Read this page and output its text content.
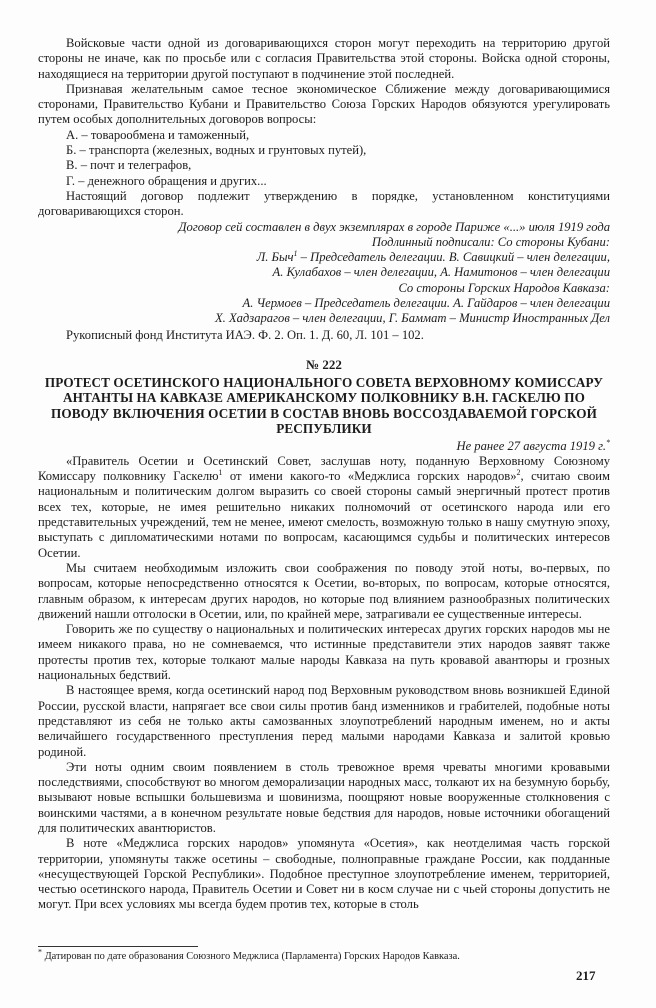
Войсковые части одной из договаривающихся сторон могут переходить на территорию другой стороны не иначе, как по просьбе или с согласия Правительства этой стороны. Войска одной стороны, находящиеся на территории другой поступают в подчинение этой последней.

Признавая желательным самое тесное экономическое Сближение между договаривающимися сторонами, Правительство Кубани и Правительство Союза Горских Народов обязуются урегулировать путем особых дополнительных договоров вопросы:

А. – товарообмена и таможенный,

Б. – транспорта (железных, водных и грунтовых путей),

В. – почт и телеграфов,

Г. – денежного обращения и других...

Настоящий договор подлежит утверждению в порядке, установленном конституциями договаривающихся сторон.

Договор сей составлен в двух экземплярах в городе Париже «...» июля 1919 года

Подлинный подписали: Со стороны Кубани:

Л. Быч$^1$ – Председатель делегации. В. Савицкий – член делегации,

А. Кулабахов – член делегации, А. Намитонов – член делегации

Со стороны Горских Народов Кавказа:

А. Чермоев – Председатель делегации. А. Гайдаров – член делегации

Х. Хадзарагов – член делегации, Г. Баммат – Министр Иностранных Дел

Рукописный фонд Института ИАЭ. Ф. 2. Оп. 1. Д. 60, Л. 101 – 102.

№ 222

ПРОТЕСТ ОСЕТИНСКОГО НАЦИОНАЛЬНОГО СОВЕТА ВЕРХОВНОМУ КОМИССАРУ АНТАНТЫ НА КАВКАЗЕ АМЕРИКАНСКОМУ ПОЛКОВНИКУ В.Н. ГАСКЕЛЮ ПО ПОВОДУ ВКЛЮЧЕНИЯ ОСЕТИИ В СОСТАВ ВНОВЬ ВОССОЗДАВАЕМОЙ ГОРСКОЙ РЕСПУБЛИКИ

Не ранее 27 августа 1919 г.*

«Правитель Осетии и Осетинский Совет, заслушав ноту, поданную Верховному Союзному Комиссару полковнику Гаскелю$^1$ от имени какого-то «Меджлиса горских народов»$^2$, считаю своим национальным и политическим долгом выразить со своей стороны самый энергичный протест против всех тех, которые, не имея решительно никаких полномочий от осетинского народа или его представительных учреждений, тем не менее, имеют смелость, возможную только в нашу смутную эпоху, выступать с дипломатическими нотами по вопросам, касающимся судьбы и политических интересов Осетии.

Мы считаем необходимым изложить свои соображения по поводу этой ноты, во-первых, по вопросам, которые непосредственно относятся к Осетии, во-вторых, по вопросам, которые относятся, главным образом, к интересам других народов, но которые под влиянием разнообразных политических движений нашли отголоски в Осетии, или, по крайней мере, затрагивали ее существенные интересы.

Говорить же по существу о национальных и политических интересах других горских народов мы не имеем никакого права, но не сомневаемся, что истинные представители этих народов заявят также протесты против тех, которые толкают малые народы Кавказа на путь кровавой авантюры и грозных национальных бедствий.

В настоящее время, когда осетинский народ под Верховным руководством вновь возникшей Единой России, русской власти, напрягает все свои силы против банд изменников и грабителей, подобные ноты представляют из себя не только акты самозванных злоупотреблений народным именем, но и акты величайшего государственного преступления перед малыми народами Кавказа и залитой кровью родиной.

Эти ноты одним своим появлением в столь тревожное время чреваты многими кровавыми последствиями, способствуют во многом деморализации народных масс, толкают их на безумную борьбу, вызывают новые вспышки большевизма и шовинизма, поощряют новые вооруженные столкновения с воинскими частями, а в конечном результате новые бедствия для народов, новые источники обогащений для политических авантюристов.

В ноте «Меджлиса горских народов» упомянута «Осетия», как неотделимая часть горской территории, упомянуты также осетины – свободные, полноправные граждане России, как подданные «несуществующей Горской Республики». Подобное преступное злоупотребление именем, территорией, честью осетинского народа, Правитель Осетии и Совет ни в косм случае ни с чьей стороны допустить не могут. При всех условиях мы всегда будем против тех, которые в столь

* Датирован по дате образования Союзного Меджлиса (Парламента) Горских Народов Кавказа.
217
